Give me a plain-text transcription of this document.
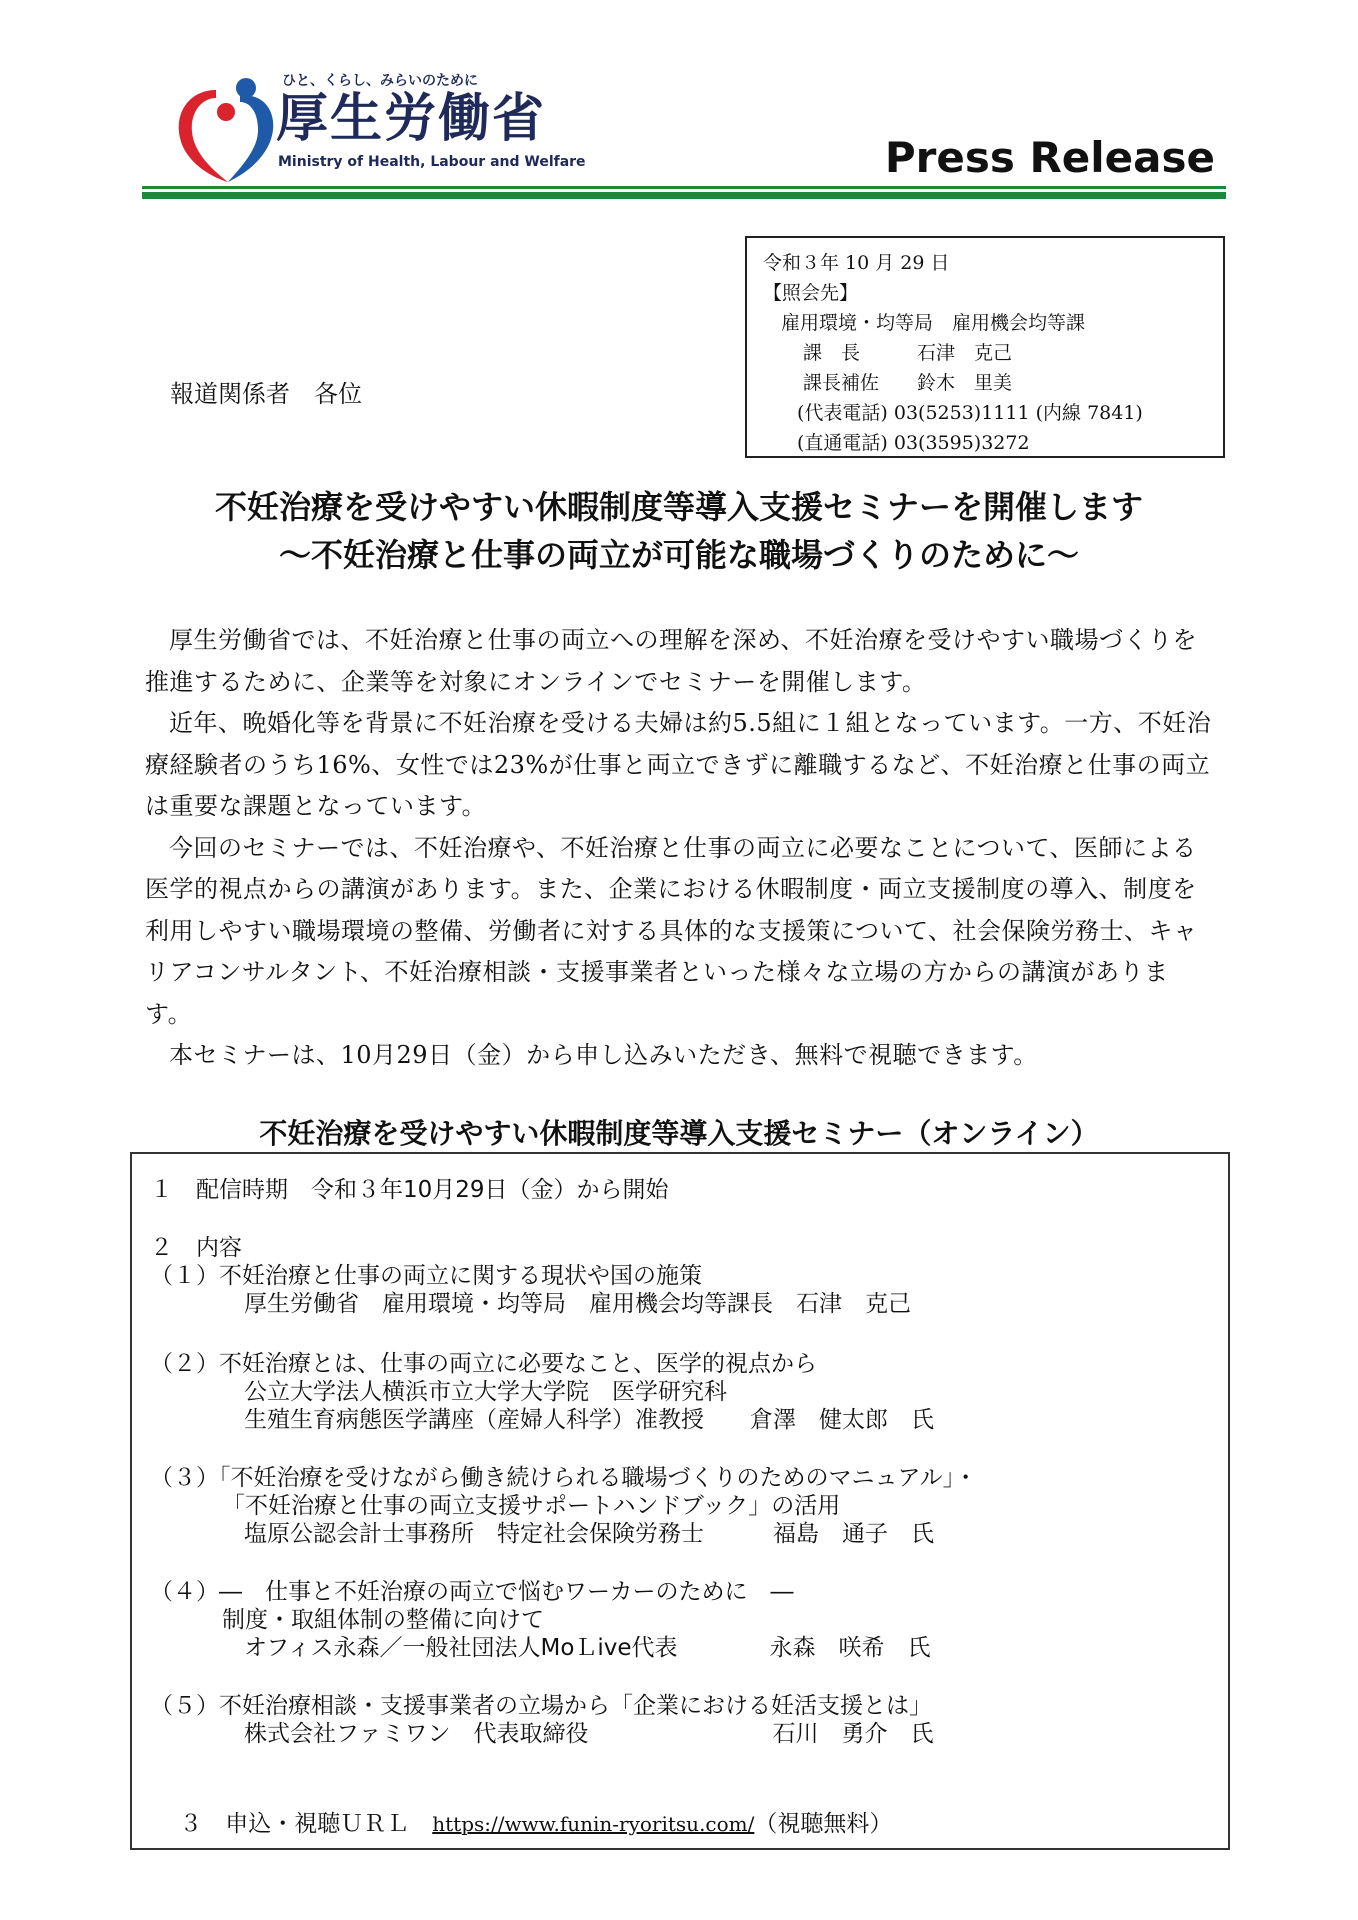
ひと、くらし、みらいのために
厚生労働省
Ministry of Health, Labour and Welfare	Press Release
令和３年 10 月 29 日
【照会先】
雇用環境・均等局　雇用機会均等課
課　長　　　石津　克己
課長補佐　　鈴木　里美
(代表電話) 03(5253)1111 (内線 7841)
(直通電話) 03(3595)3272
報道関係者　各位
不妊治療を受けやすい休暇制度等導入支援セミナーを開催します
～不妊治療と仕事の両立が可能な職場づくりのために～

厚生労働省では、不妊治療と仕事の両立への理解を深め、不妊治療を受けやすい職場づくりを推進するために、企業等を対象にオンラインでセミナーを開催します。

近年、晩婚化等を背景に不妊治療を受ける夫婦は約5.5組に１組となっています。一方、不妊治療経験者のうち16%、女性では23%が仕事と両立できずに離職するなど、不妊治療と仕事の両立は重要な課題となっています。

今回のセミナーでは、不妊治療や、不妊治療と仕事の両立に必要なことについて、医師による医学的視点からの講演があります。また、企業における休暇制度・両立支援制度の導入、制度を利用しやすい職場環境の整備、労働者に対する具体的な支援策について、社会保険労務士、キャリアコンサルタント、不妊治療相談・支援事業者といった様々な立場の方からの講演があります。

本セミナーは、10月29日（金）から申し込みいただき、無料で視聴できます。

不妊治療を受けやすい休暇制度等導入支援セミナー（オンライン）
１　配信時期　令和３年10月29日（金）から開始
２　内容
（１）不妊治療と仕事の両立に関する現状や国の施策
厚生労働省　雇用環境・均等局　雇用機会均等課長　石津　克己
（２）不妊治療とは、仕事の両立に必要なこと、医学的視点から
公立大学法人横浜市立大学大学院　医学研究科
生殖生育病態医学講座（産婦人科学）准教授　　倉澤　健太郎　氏
（３）「不妊治療を受けながら働き続けられる職場づくりのためのマニュアル」・
「不妊治療と仕事の両立支援サポートハンドブック」の活用
塩原公認会計士事務所　特定社会保険労務士　　　福島　通子　氏
（４）―　仕事と不妊治療の両立で悩むワーカーのために　―
制度・取組体制の整備に向けて
オフィス永森／一般社団法人MoＬive代表　　　　永森　咲希　氏
（５）不妊治療相談・支援事業者の立場から「企業における妊活支援とは」
株式会社ファミワン　代表取締役　　　　　　　　石川　勇介　氏

３　申込・視聴ＵＲＬ　 https://www.funin-ryoritsu.com/（視聴無料）
